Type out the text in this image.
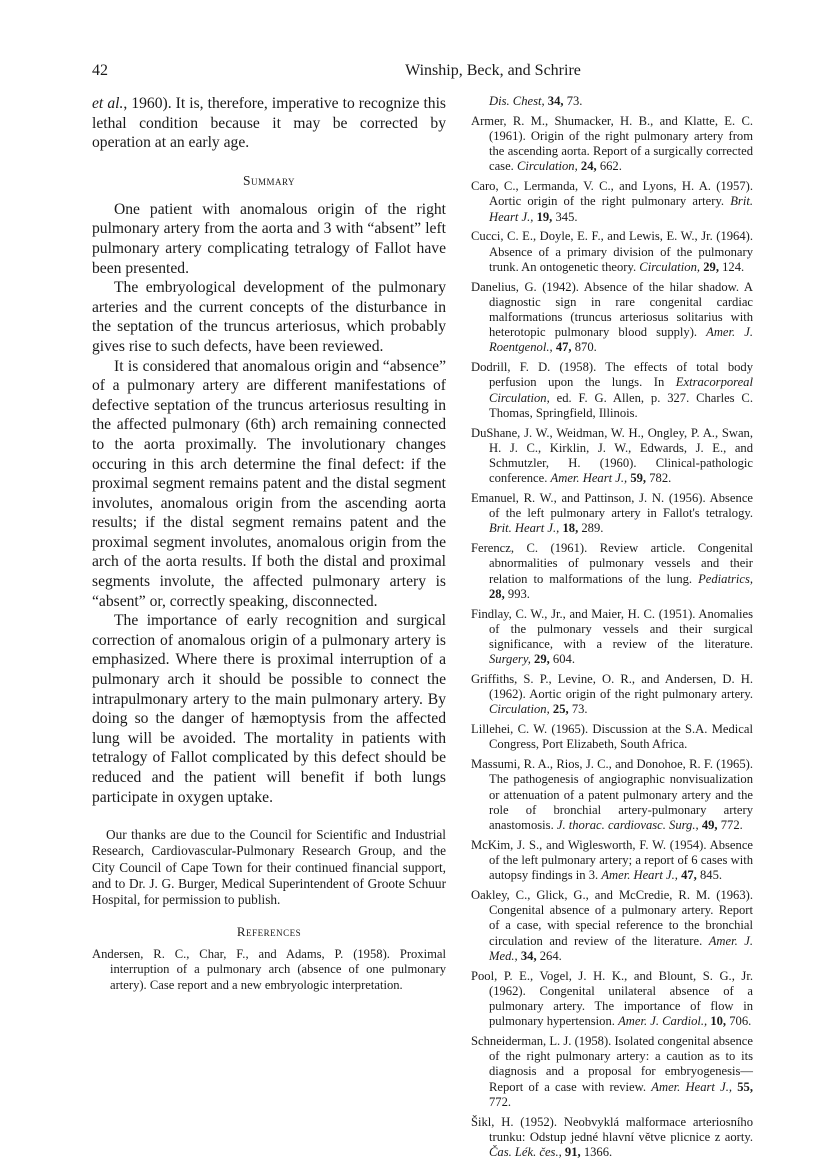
42	Winship, Beck, and Schrire

et al., 1960). It is, therefore, imperative to recognize this lethal condition because it may be corrected by operation at an early age.

Summary

One patient with anomalous origin of the right pulmonary artery from the aorta and 3 with “absent” left pulmonary artery complicating tetralogy of Fallot have been presented.

The embryological development of the pulmonary arteries and the current concepts of the disturbance in the septation of the truncus arteriosus, which probably gives rise to such defects, have been reviewed.

It is considered that anomalous origin and “absence” of a pulmonary artery are different manifestations of defective septation of the truncus arteriosus resulting in the affected pulmonary (6th) arch remaining connected to the aorta proximally. The involutionary changes occuring in this arch determine the final defect: if the proximal segment remains patent and the distal segment involutes, anomalous origin from the ascending aorta results; if the distal segment remains patent and the proximal segment involutes, anomalous origin from the arch of the aorta results. If both the distal and proximal segments involute, the affected pulmonary artery is “absent” or, correctly speaking, disconnected.

The importance of early recognition and surgical correction of anomalous origin of a pulmonary artery is emphasized. Where there is proximal interruption of a pulmonary arch it should be possible to connect the intrapulmonary artery to the main pulmonary artery. By doing so the danger of hæmoptysis from the affected lung will be avoided. The mortality in patients with tetralogy of Fallot complicated by this defect should be reduced and the patient will benefit if both lungs participate in oxygen uptake.

Our thanks are due to the Council for Scientific and Industrial Research, Cardiovascular-Pulmonary Research Group, and the City Council of Cape Town for their continued financial support, and to Dr. J. G. Burger, Medical Superintendent of Groote Schuur Hospital, for permission to publish.

References
Andersen, R. C., Char, F., and Adams, P. (1958). Proximal interruption of a pulmonary arch (absence of one pulmonary artery). Case report and a new embryologic interpretation.
Dis. Chest, 34, 73.
Armer, R. M., Shumacker, H. B., and Klatte, E. C. (1961). Origin of the right pulmonary artery from the ascending aorta. Report of a surgically corrected case. Circulation, 24, 662.
Caro, C., Lermanda, V. C., and Lyons, H. A. (1957). Aortic origin of the right pulmonary artery. Brit. Heart J., 19, 345.
Cucci, C. E., Doyle, E. F., and Lewis, E. W., Jr. (1964). Absence of a primary division of the pulmonary trunk. An ontogenetic theory. Circulation, 29, 124.
Danelius, G. (1942). Absence of the hilar shadow. A diagnostic sign in rare congenital cardiac malformations (truncus arteriosus solitarius with heterotopic pulmonary blood supply). Amer. J. Roentgenol., 47, 870.
Dodrill, F. D. (1958). The effects of total body perfusion upon the lungs. In Extracorporeal Circulation, ed. F. G. Allen, p. 327. Charles C. Thomas, Springfield, Illinois.
DuShane, J. W., Weidman, W. H., Ongley, P. A., Swan, H. J. C., Kirklin, J. W., Edwards, J. E., and Schmutzler, H. (1960). Clinical-pathologic conference. Amer. Heart J., 59, 782.
Emanuel, R. W., and Pattinson, J. N. (1956). Absence of the left pulmonary artery in Fallot's tetralogy. Brit. Heart J., 18, 289.
Ferencz, C. (1961). Review article. Congenital abnormalities of pulmonary vessels and their relation to malformations of the lung. Pediatrics, 28, 993.
Findlay, C. W., Jr., and Maier, H. C. (1951). Anomalies of the pulmonary vessels and their surgical significance, with a review of the literature. Surgery, 29, 604.
Griffiths, S. P., Levine, O. R., and Andersen, D. H. (1962). Aortic origin of the right pulmonary artery. Circulation, 25, 73.
Lillehei, C. W. (1965). Discussion at the S.A. Medical Congress, Port Elizabeth, South Africa.
Massumi, R. A., Rios, J. C., and Donohoe, R. F. (1965). The pathogenesis of angiographic nonvisualization or attenuation of a patent pulmonary artery and the role of bronchial artery-pulmonary artery anastomosis. J. thorac. cardiovasc. Surg., 49, 772.
McKim, J. S., and Wiglesworth, F. W. (1954). Absence of the left pulmonary artery; a report of 6 cases with autopsy findings in 3. Amer. Heart J., 47, 845.
Oakley, C., Glick, G., and McCredie, R. M. (1963). Congenital absence of a pulmonary artery. Report of a case, with special reference to the bronchial circulation and review of the literature. Amer. J. Med., 34, 264.
Pool, P. E., Vogel, J. H. K., and Blount, S. G., Jr. (1962). Congenital unilateral absence of a pulmonary artery. The importance of flow in pulmonary hypertension. Amer. J. Cardiol., 10, 706.
Schneiderman, L. J. (1958). Isolated congenital absence of the right pulmonary artery: a caution as to its diagnosis and a proposal for embryogenesis—Report of a case with review. Amer. Heart J., 55, 772.
Šikl, H. (1952). Neobvyklá malformace arteriosního trunku: Odstup jedné hlavní větve plicnice z aorty. Čas. Lék. čes., 91, 1366.
